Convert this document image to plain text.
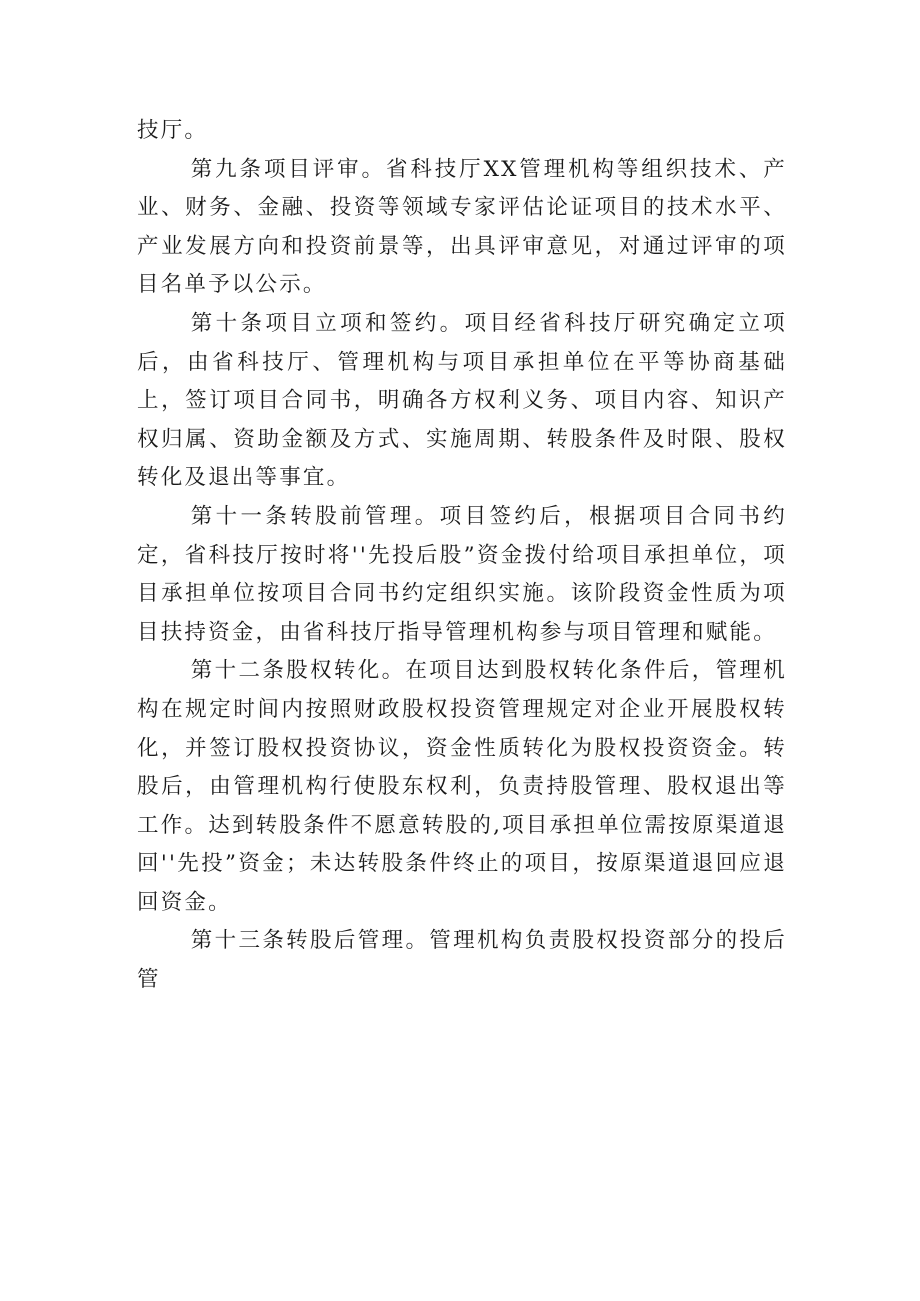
技厅。

第九条项目评审。省科技厅XX管理机构等组织技术、产业、财务、金融、投资等领域专家评估论证项目的技术水平、产业发展方向和投资前景等，出具评审意见，对通过评审的项目名单予以公示。

第十条项目立项和签约。项目经省科技厅研究确定立项后，由省科技厅、管理机构与项目承担单位在平等协商基础上，签订项目合同书，明确各方权利义务、项目内容、知识产权归属、资助金额及方式、实施周期、转股条件及时限、股权转化及退出等事宜。

第十一条转股前管理。项目签约后，根据项目合同书约定，省科技厅按时将''先投后股”资金拨付给项目承担单位，项目承担单位按项目合同书约定组织实施。该阶段资金性质为项目扶持资金，由省科技厅指导管理机构参与项目管理和赋能。

第十二条股权转化。在项目达到股权转化条件后，管理机构在规定时间内按照财政股权投资管理规定对企业开展股权转化，并签订股权投资协议，资金性质转化为股权投资资金。转股后，由管理机构行使股东权利，负责持股管理、股权退出等工作。达到转股条件不愿意转股的,项目承担单位需按原渠道退回''先投”资金；未达转股条件终止的项目，按原渠道退回应退回资金。

第十三条转股后管理。管理机构负责股权投资部分的投后管
